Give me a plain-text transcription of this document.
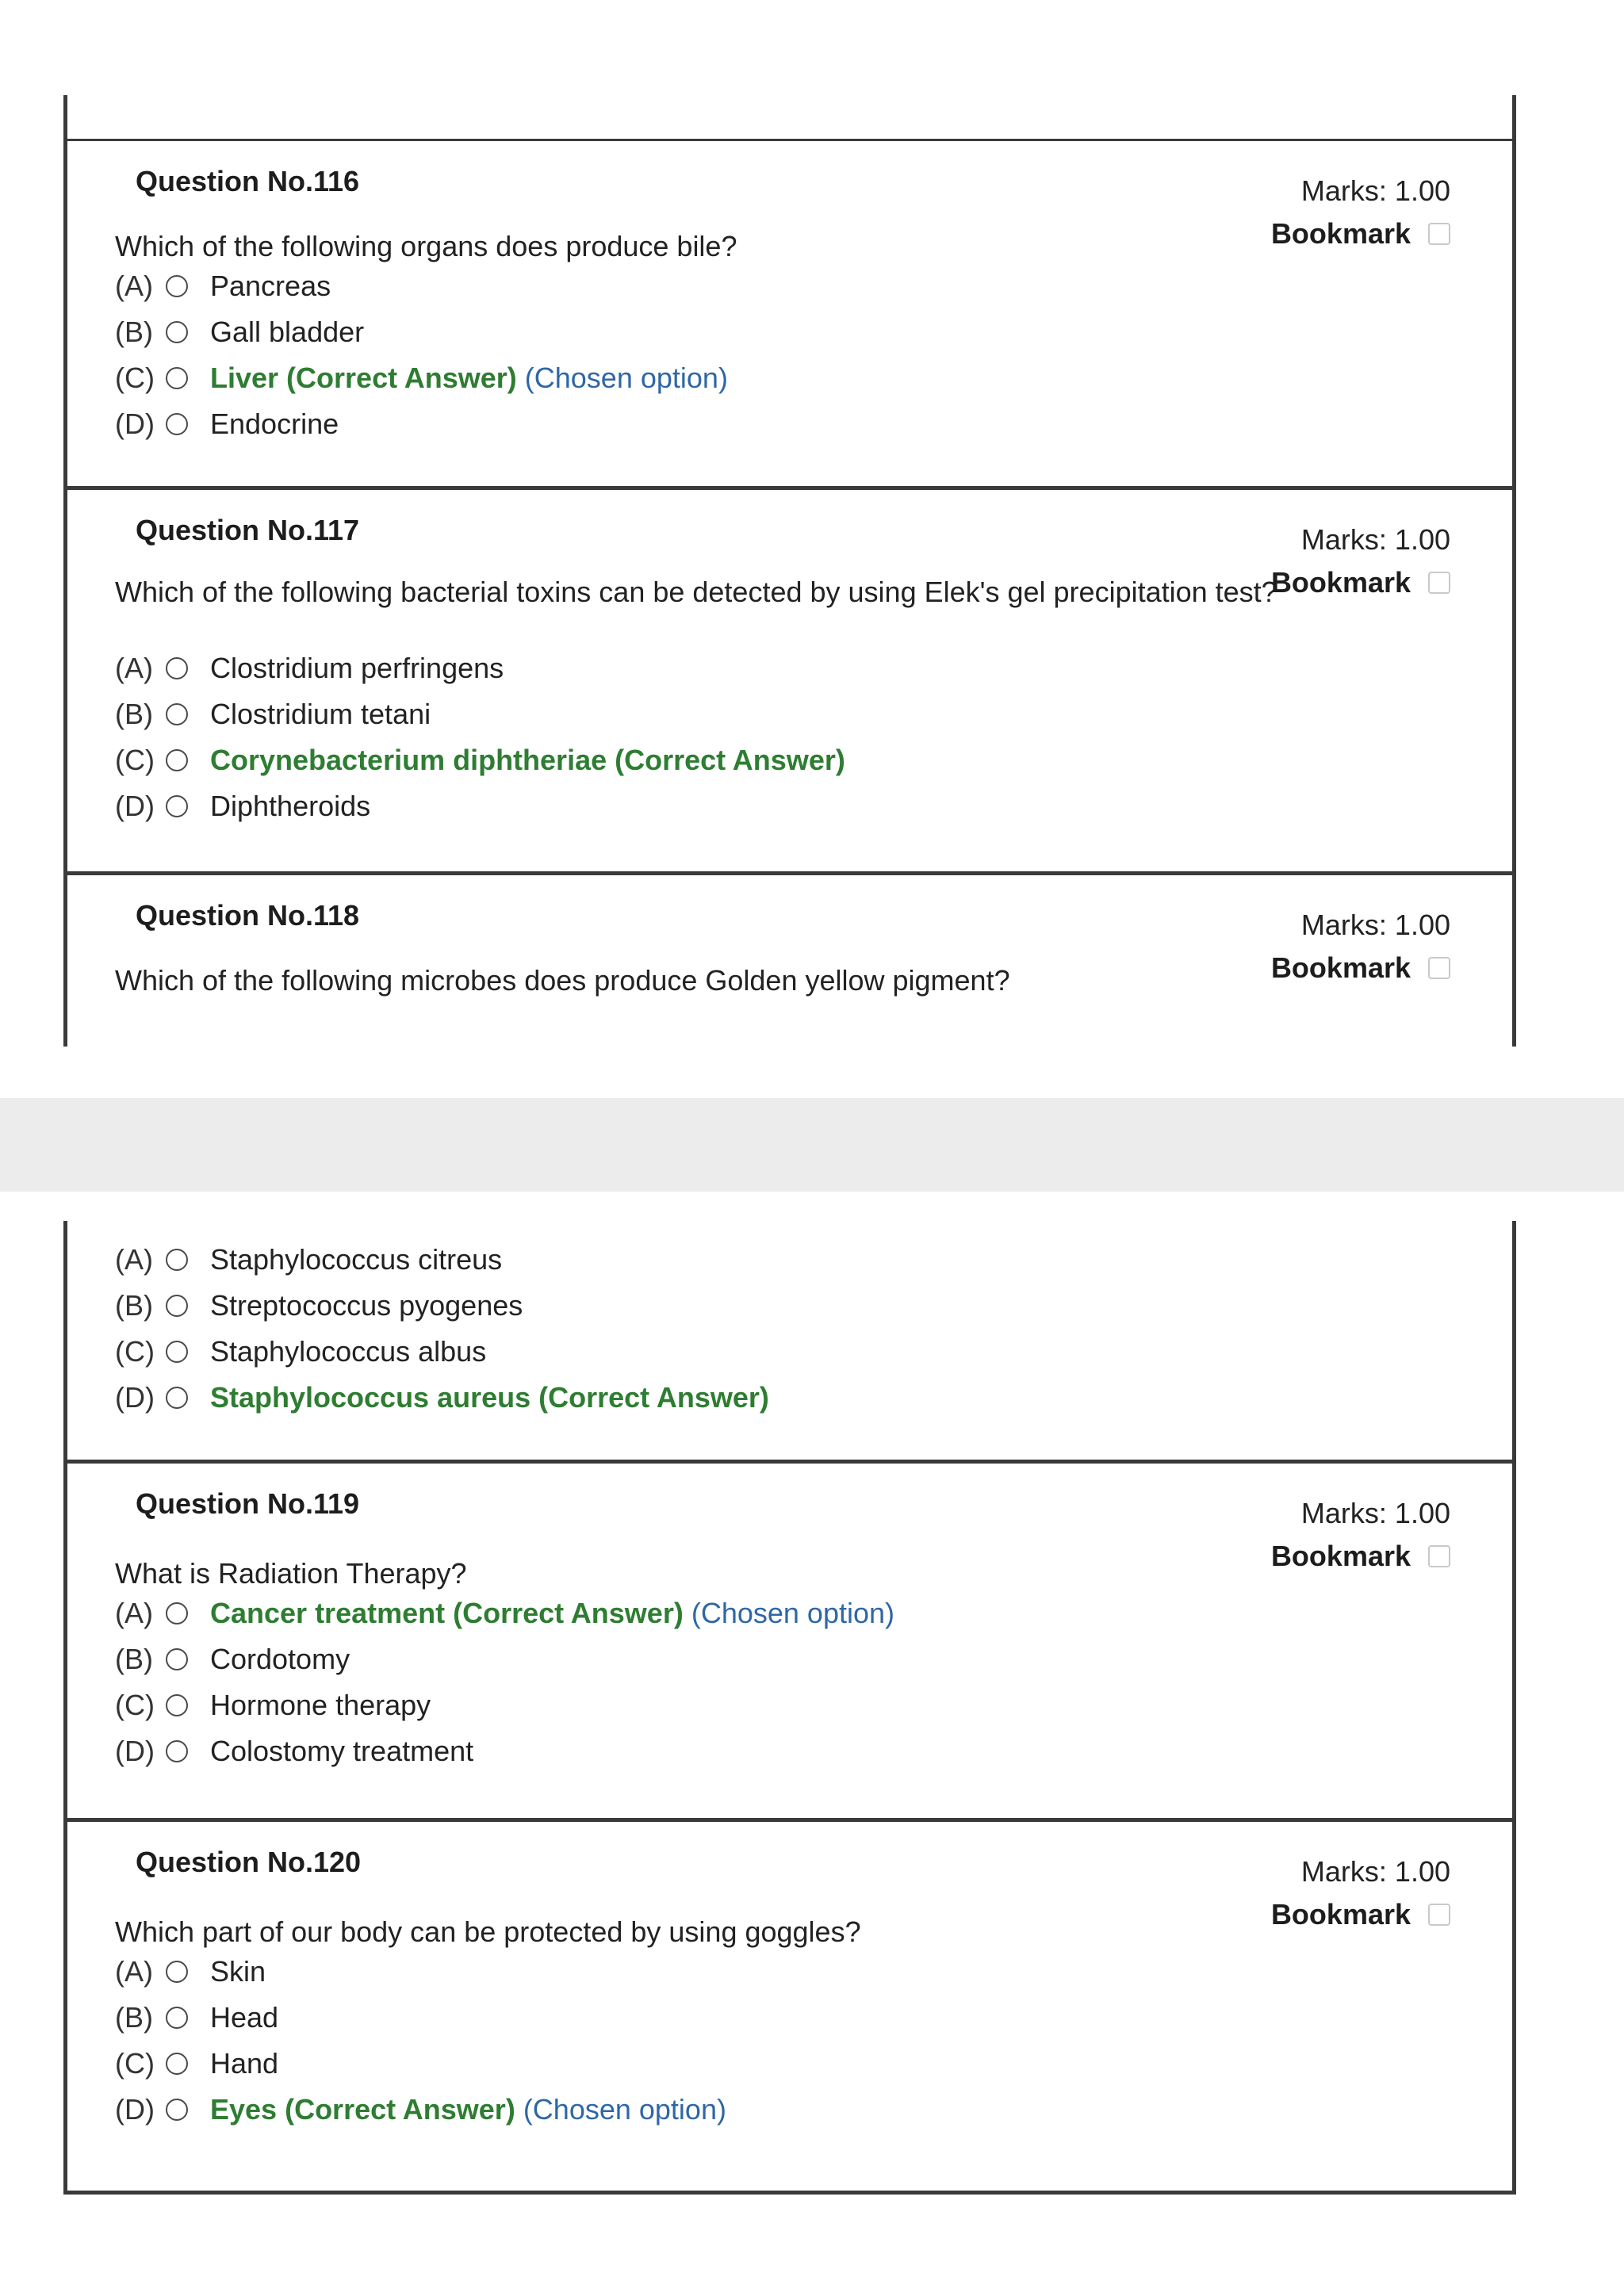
Question No.116
Which of the following organs does produce bile?
Marks: 1.00
Bookmark
(A)	Pancreas
(B)	Gall bladder
(C)	Liver (Correct Answer) (Chosen option)
(D)	Endocrine
Question No.117
Which of the following bacterial toxins can be detected by using Elek's gel precipitation test?
Marks: 1.00
Bookmark
(A)	Clostridium perfringens
(B)	Clostridium tetani
(C)	Corynebacterium diphtheriae (Correct Answer)
(D)	Diphtheroids
Question No.118
Which of the following microbes does produce Golden yellow pigment?
Marks: 1.00
Bookmark
(A)	Staphylococcus citreus
(B)	Streptococcus pyogenes
(C)	Staphylococcus albus
(D)	Staphylococcus aureus (Correct Answer)
Question No.119
What is Radiation Therapy?
Marks: 1.00
Bookmark
(A)	Cancer treatment (Correct Answer) (Chosen option)
(B)	Cordotomy
(C)	Hormone therapy
(D)	Colostomy treatment
Question No.120
Which part of our body can be protected by using goggles?
Marks: 1.00
Bookmark
(A)	Skin
(B)	Head
(C)	Hand
(D)	Eyes (Correct Answer) (Chosen option)
